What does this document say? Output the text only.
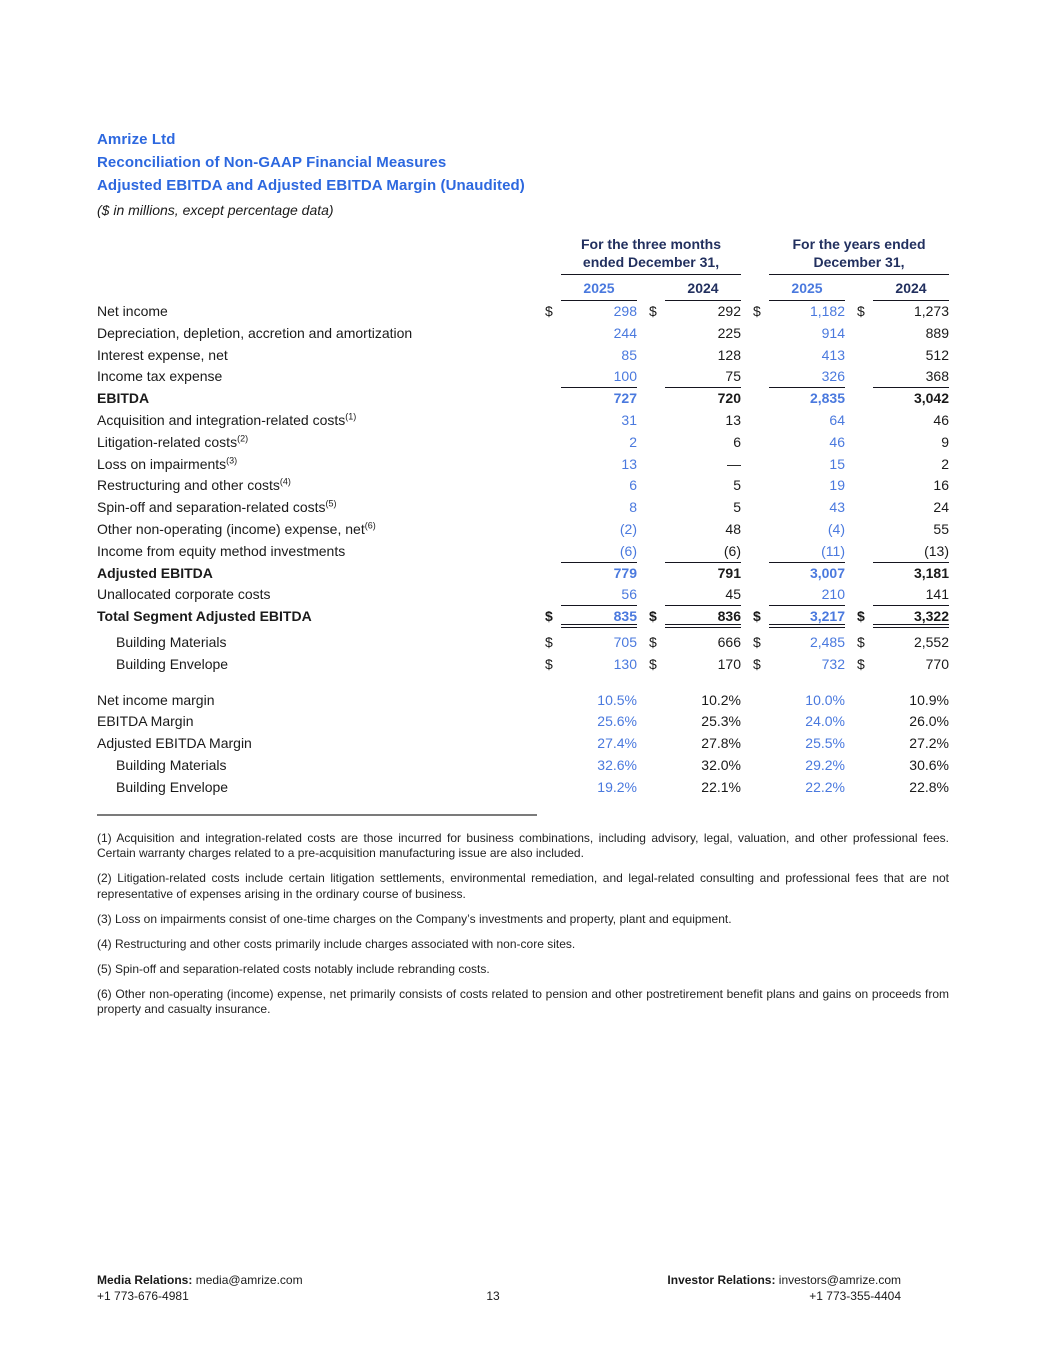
Amrize Ltd
Reconciliation of Non-GAAP Financial Measures
Adjusted EBITDA and Adjusted EBITDA Margin (Unaudited)
($ in millions, except percentage data)
For the three months
ended December 31,
For the years ended
December 31,
2025	2024	2025	2024
Net income	$	298 $	292 $	1,182 $	1,273
Depreciation, depletion, accretion and amortization	244	225	914	889
Interest expense, net	85	128	413	512
Income tax expense	100	75	326	368
EBITDA	727	720	2,835	3,042
Acquisition and integration-related costs$^{(1)}$	31	13	64	46
Litigation-related costs$^{(2)}$	2	6	46	9
Loss on impairments$^{(3)}$	13	—	15	2
Restructuring and other costs$^{(4)}$	6	5	19	16
Spin-off and separation-related costs$^{(5)}$	8	5	43	24
Other non-operating (income) expense, net$^{(6)}$	(2)	48	(4)	55
Income from equity method investments	(6)	(6)	(11)	(13)
Adjusted EBITDA	779	791	3,007	3,181
Unallocated corporate costs	56	45	210	141
Total Segment Adjusted EBITDA	$	835 $	836 $	3,217 $	3,322
Building Materials	$	705 $	666 $	2,485 $	2,552
Building Envelope	$	130 $	170 $	732 $	770
Net income margin	10.5%	10.2%	10.0%	10.9%
EBITDA Margin	25.6%	25.3%	24.0%	26.0%
Adjusted EBITDA Margin	27.4%	27.8%	25.5%	27.2%
Building Materials	32.6%	32.0%	29.2%	30.6%
Building Envelope	19.2%	22.1%	22.2%	22.8%

(1) Acquisition and integration-related costs are those incurred for business combinations, including advisory, legal, valuation, and other professional fees. Certain warranty charges related to a pre-acquisition manufacturing issue are also included.

(2) Litigation-related costs include certain litigation settlements, environmental remediation, and legal-related consulting and professional fees that are not representative of expenses arising in the ordinary course of business.

(3) Loss on impairments consist of one-time charges on the Company’s investments and property, plant and equipment.

(4) Restructuring and other costs primarily include charges associated with non-core sites.

(5) Spin-off and separation-related costs notably include rebranding costs.

(6) Other non-operating (income) expense, net primarily consists of costs related to pension and other postretirement benefit plans and gains on proceeds from property and casualty insurance.

Media Relations: media@amrize.com
+1 773-676-4981	13
Investor Relations: investors@amrize.com
+1 773-355-4404
